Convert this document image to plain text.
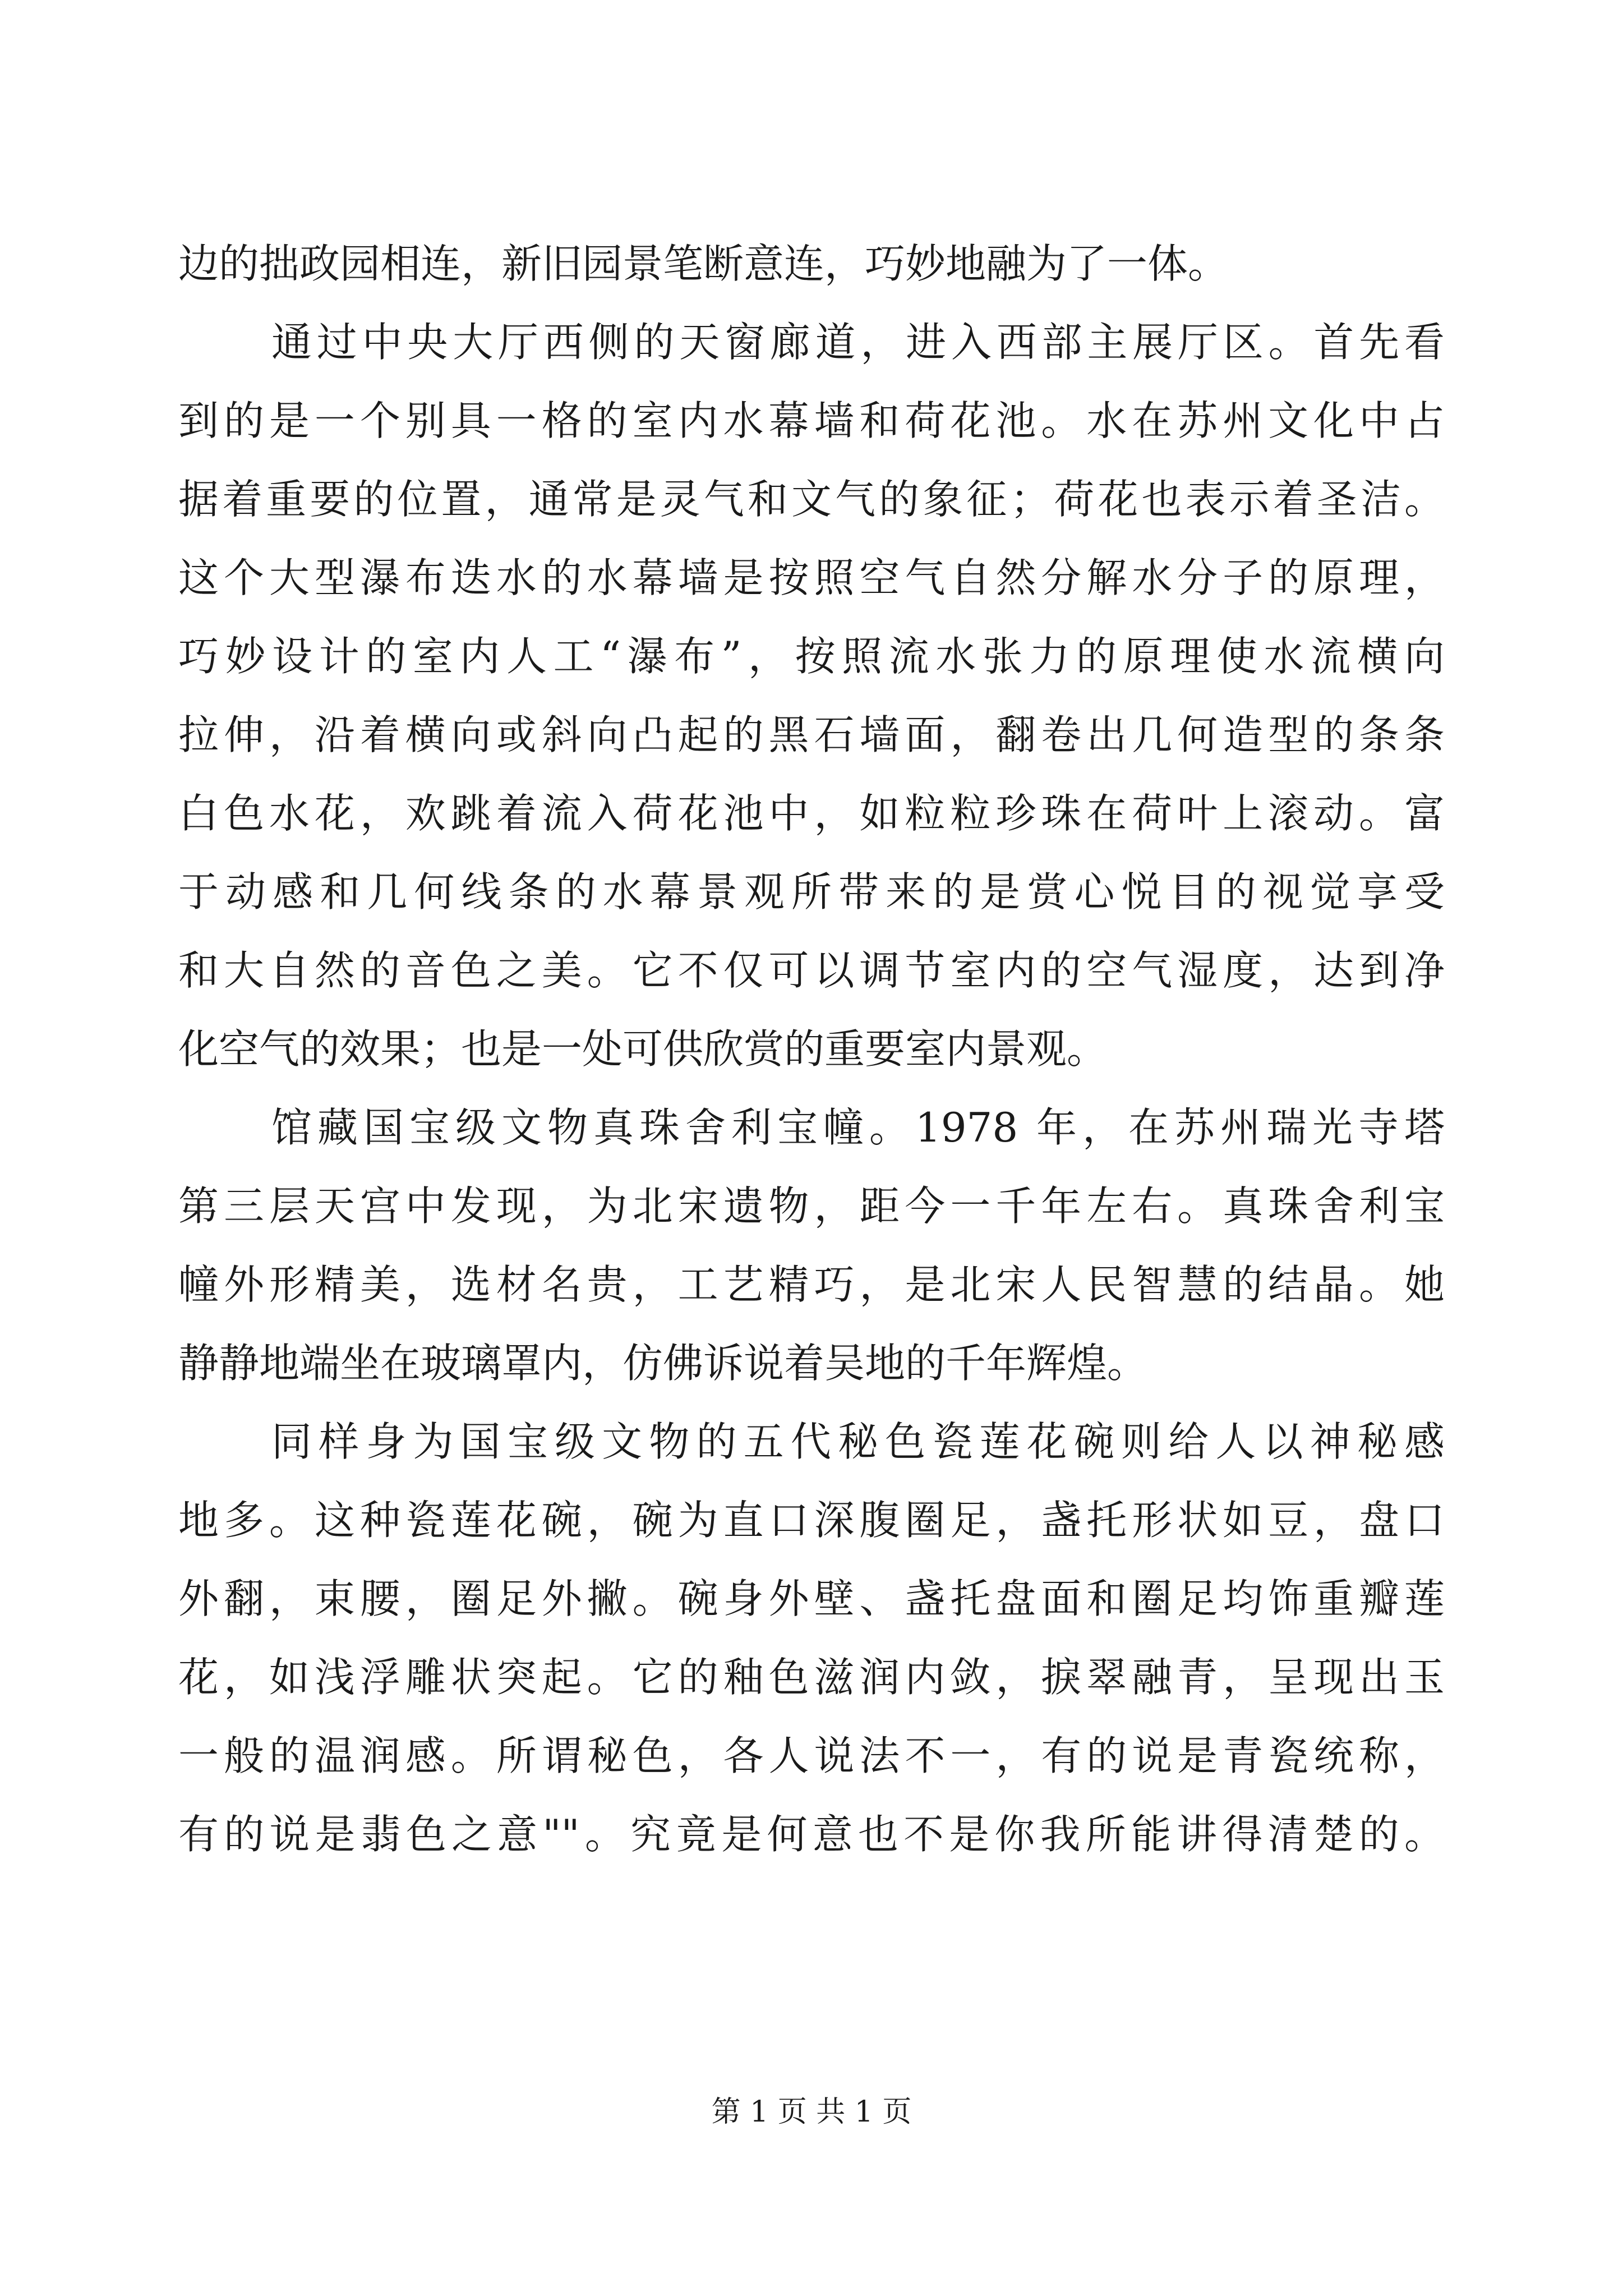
边的拙政园相连，新旧园景笔断意连，巧妙地融为了一体。
通过中央大厅西侧的天窗廊道，进入西部主展厅区。首先看
到的是一个别具一格的室内水幕墙和荷花池。水在苏州文化中占
据着重要的位置，通常是灵气和文气的象征；荷花也表示着圣洁。
这个大型瀑布迭水的水幕墙是按照空气自然分解水分子的原理，
巧妙设计的室内人工“瀑布”，按照流水张力的原理使水流横向
拉伸，沿着横向或斜向凸起的黑石墙面，翻卷出几何造型的条条
白色水花，欢跳着流入荷花池中，如粒粒珍珠在荷叶上滚动。富
于动感和几何线条的水幕景观所带来的是赏心悦目的视觉享受
和大自然的音色之美。它不仅可以调节室内的空气湿度，达到净
化空气的效果；也是一处可供欣赏的重要室内景观。
馆藏国宝级文物真珠舍利宝幢。1978 年，在苏州瑞光寺塔
第三层天宫中发现，为北宋遗物，距今一千年左右。真珠舍利宝
幢外形精美，选材名贵，工艺精巧，是北宋人民智慧的结晶。她
静静地端坐在玻璃罩内，仿佛诉说着吴地的千年辉煌。
同样身为国宝级文物的五代秘色瓷莲花碗则给人以神秘感
地多。这种瓷莲花碗，碗为直口深腹圈足，盏托形状如豆，盘口
外翻，束腰，圈足外撇。碗身外壁、盏托盘面和圈足均饰重瓣莲
花，如浅浮雕状突起。它的釉色滋润内敛，捩翠融青，呈现出玉
一般的温润感。所谓秘色，各人说法不一，有的说是青瓷统称，
有的说是翡色之意""。究竟是何意也不是你我所能讲得清楚的。
第 1 页 共 1 页
